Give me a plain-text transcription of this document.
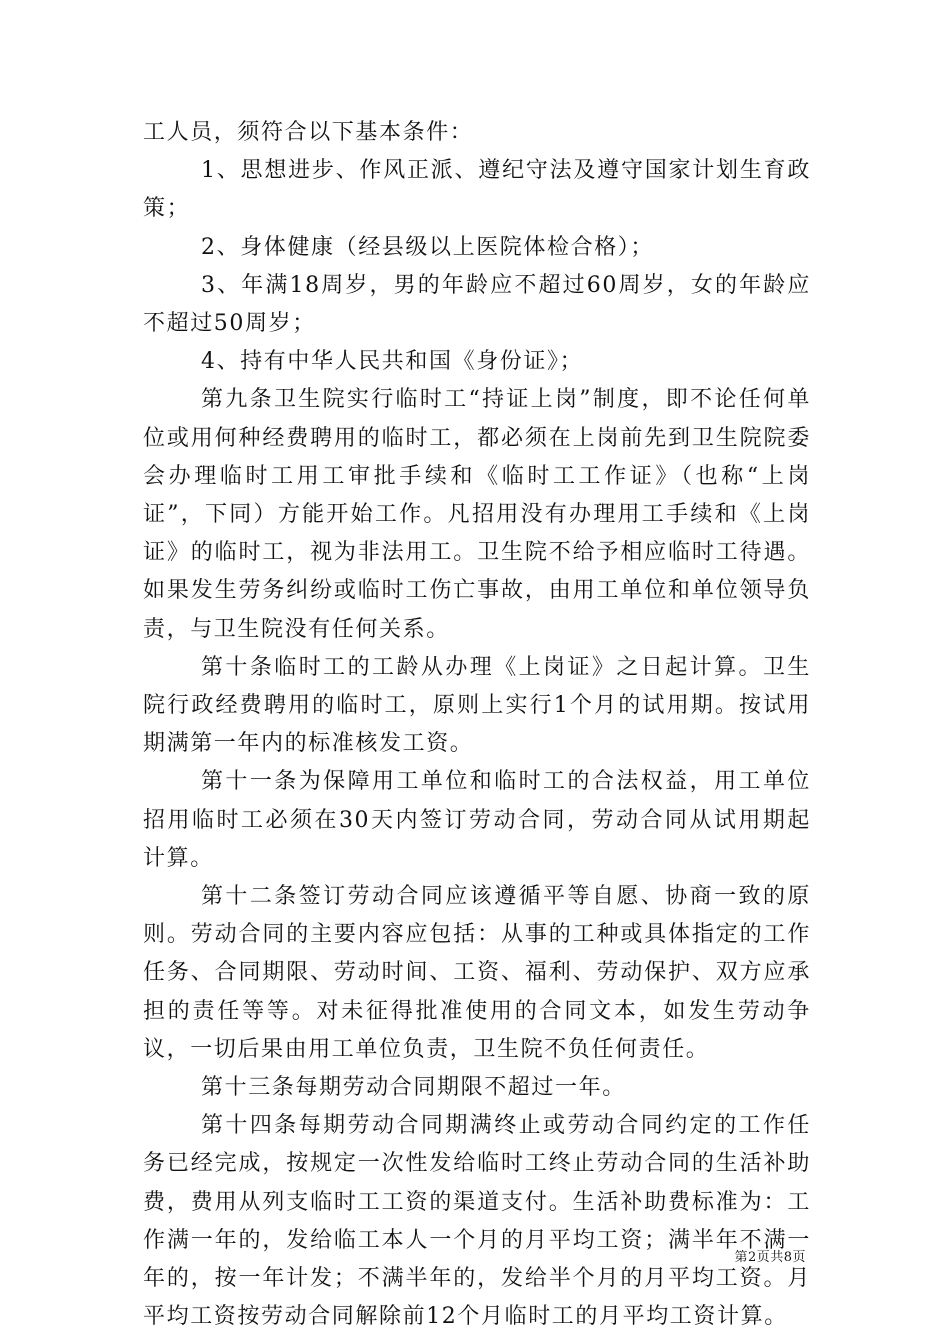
工人员，须符合以下基本条件：

1、思想进步、作风正派、遵纪守法及遵守国家计划生育政策；

2、身体健康（经县级以上医院体检合格）；

3、年满18周岁，男的年龄应不超过60周岁，女的年龄应不超过50周岁；

4、持有中华人民共和国《身份证》；

第九条卫生院实行临时工“持证上岗”制度，即不论任何单位或用何种经费聘用的临时工，都必须在上岗前先到卫生院院委会办理临时工用工审批手续和《临时工工作证》（也称“上岗证”，下同）方能开始工作。凡招用没有办理用工手续和《上岗证》的临时工，视为非法用工。卫生院不给予相应临时工待遇。如果发生劳务纠纷或临时工伤亡事故，由用工单位和单位领导负责，与卫生院没有任何关系。

第十条临时工的工龄从办理《上岗证》之日起计算。卫生院行政经费聘用的临时工，原则上实行1个月的试用期。按试用期满第一年内的标准核发工资。

第十一条为保障用工单位和临时工的合法权益，用工单位招用临时工必须在30天内签订劳动合同，劳动合同从试用期起计算。

第十二条签订劳动合同应该遵循平等自愿、协商一致的原则。劳动合同的主要内容应包括：从事的工种或具体指定的工作任务、合同期限、劳动时间、工资、福利、劳动保护、双方应承担的责任等等。对未征得批准使用的合同文本，如发生劳动争议，一切后果由用工单位负责，卫生院不负任何责任。

第十三条每期劳动合同期限不超过一年。

第十四条每期劳动合同期满终止或劳动合同约定的工作任务已经完成，按规定一次性发给临时工终止劳动合同的生活补助费，费用从列支临时工工资的渠道支付。生活补助费标准为：工作满一年的，发给临工本人一个月的月平均工资；满半年不满一年的，按一年计发；不满半年的，发给半个月的月平均工资。月平均工资按劳动合同解除前12个月临时工的月平均工资计算。

第2页共8页
